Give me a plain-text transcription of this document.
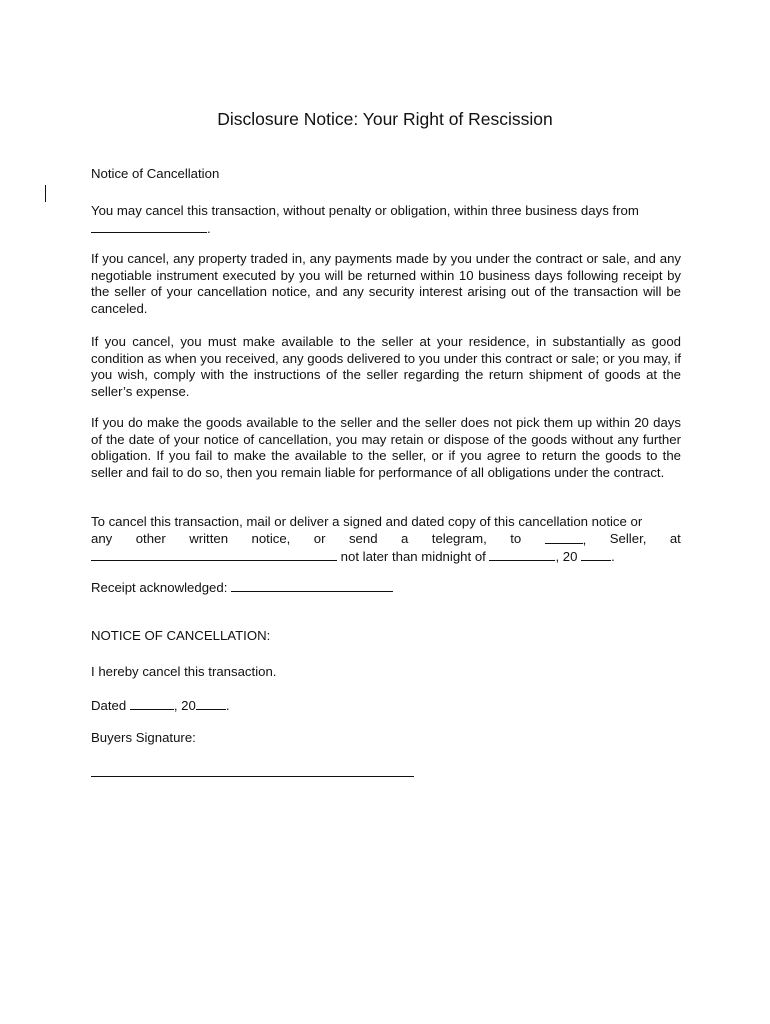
Disclosure Notice: Your Right of Rescission
Notice of Cancellation
You may cancel this transaction, without penalty or obligation, within three business days from
.

If you cancel, any property traded in, any payments made by you under the contract or sale, and any negotiable instrument executed by you will be returned within 10 business days following receipt by the seller of your cancellation notice, and any security interest arising out of the transaction will be canceled.

If you cancel, you must make available to the seller at your residence, in substantially as good condition as when you received, any goods delivered to you under this contract or sale; or you may, if you wish, comply with the instructions of the seller regarding the return shipment of goods at the seller’s expense.

If you do make the goods available to the seller and the seller does not pick them up within 20 days of the date of your notice of cancellation, you may retain or dispose of the goods without any further obligation. If you fail to make the available to the seller, or if you agree to return the goods to the seller and fail to do so, then you remain liable for performance of all obligations under the contract.

To cancel this transaction, mail or deliver a signed and dated copy of this cancellation notice or
any other written notice, or send a telegram, to	, Seller, at
not later than midnight of	, 20 .
Receipt acknowledged:
NOTICE OF CANCELLATION:
I hereby cancel this transaction.
Dated	, 20 .
Buyers Signature:
